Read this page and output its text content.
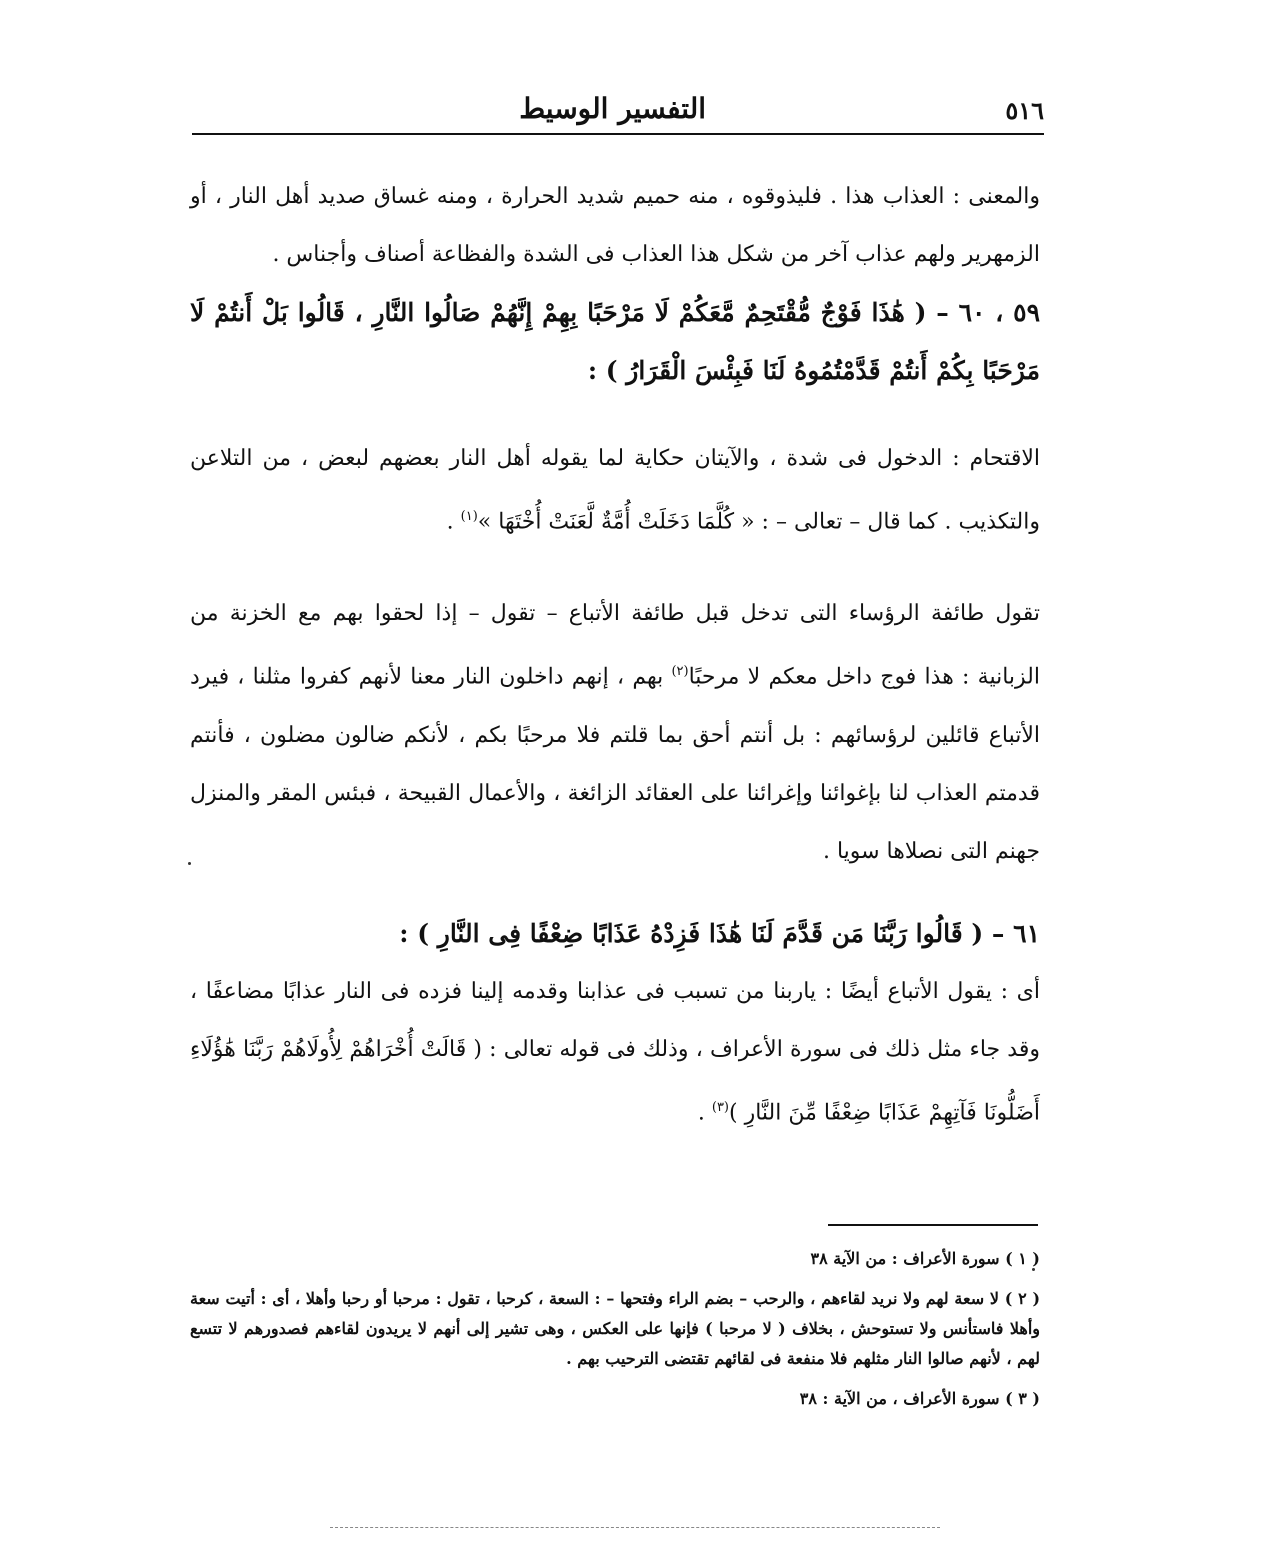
٥١٦
التفسير الوسيط

والمعنى : العذاب هذا . فليذوقوه ، منه حميم شديد الحرارة ، ومنه غساق صديد أهل النار ، أو الزمهرير ولهم عذاب آخر من شكل هذا العذاب فى الشدة والفظاعة أصناف وأجناس .

٥٩ ، ٦٠ – ( هَٰذَا فَوْجٌ مُّقْتَحِمٌ مَّعَكُمْ لَا مَرْحَبًا بِهِمْ إِنَّهُمْ صَالُوا النَّارِ ، قَالُوا بَلْ أَنتُمْ لَا مَرْحَبًا بِكُمْ أَنتُمْ قَدَّمْتُمُوهُ لَنَا فَبِئْسَ الْقَرَارُ ) :

الاقتحام : الدخول فى شدة ، والآيتان حكاية لما يقوله أهل النار بعضهم لبعض ، من التلاعن والتكذيب . كما قال – تعالى – : « كُلَّمَا دَخَلَتْ أُمَّةٌ لَّعَنَتْ أُخْتَهَا »$^{(١)}$ .

تقول طائفة الرؤساء التى تدخل قبل طائفة الأتباع – تقول – إذا لحقوا بهم مع الخزنة من الزبانية : هذا فوج داخل معكم لا مرحبًا$^{(٢)}$ بهم ، إنهم داخلون النار معنا لأنهم كفروا مثلنا ، فيرد الأتباع قائلين لرؤسائهم : بل أنتم أحق بما قلتم فلا مرحبًا بكم ، لأنكم ضالون مضلون ، فأنتم قدمتم العذاب لنا بإغوائنا وإغرائنا على العقائد الزائغة ، والأعمال القبيحة ، فبئس المقر والمنزل جهنم التى نصلاها سويا .

٦١ – ( قَالُوا رَبَّنَا مَن قَدَّمَ لَنَا هَٰذَا فَزِدْهُ عَذَابًا ضِعْفًا فِى النَّارِ ) :

أى : يقول الأتباع أيضًا : ياربنا من تسبب فى عذابنا وقدمه إلينا فزده فى النار عذابًا مضاعفًا ، وقد جاء مثل ذلك فى سورة الأعراف ، وذلك فى قوله تعالى : ( قَالَتْ أُخْرَاهُمْ لِأُولَاهُمْ رَبَّنَا هَٰؤُلَاءِ أَضَلُّونَا فَآتِهِمْ عَذَابًا ضِعْفًا مِّنَ النَّارِ )$^{(٣)}$ .

( ١ ) سورة الأعراف : من الآية ٣٨

( ٢ ) لا سعة لهم ولا نريد لقاءهم ، والرحب – بضم الراء وفتحها – : السعة ، كرحبا ، تقول : مرحبا أو رحبا وأهلا ، أى : أتيت سعة وأهلا فاستأنس ولا تستوحش ، بخلاف ( لا مرحبا ) فإنها على العكس ، وهى تشير إلى أنهم لا يريدون لقاءهم فصدورهم لا تتسع لهم ، لأنهم صالوا النار مثلهم فلا منفعة فى لقائهم تقتضى الترحيب بهم .

( ٣ ) سورة الأعراف ، من الآية : ٣٨
